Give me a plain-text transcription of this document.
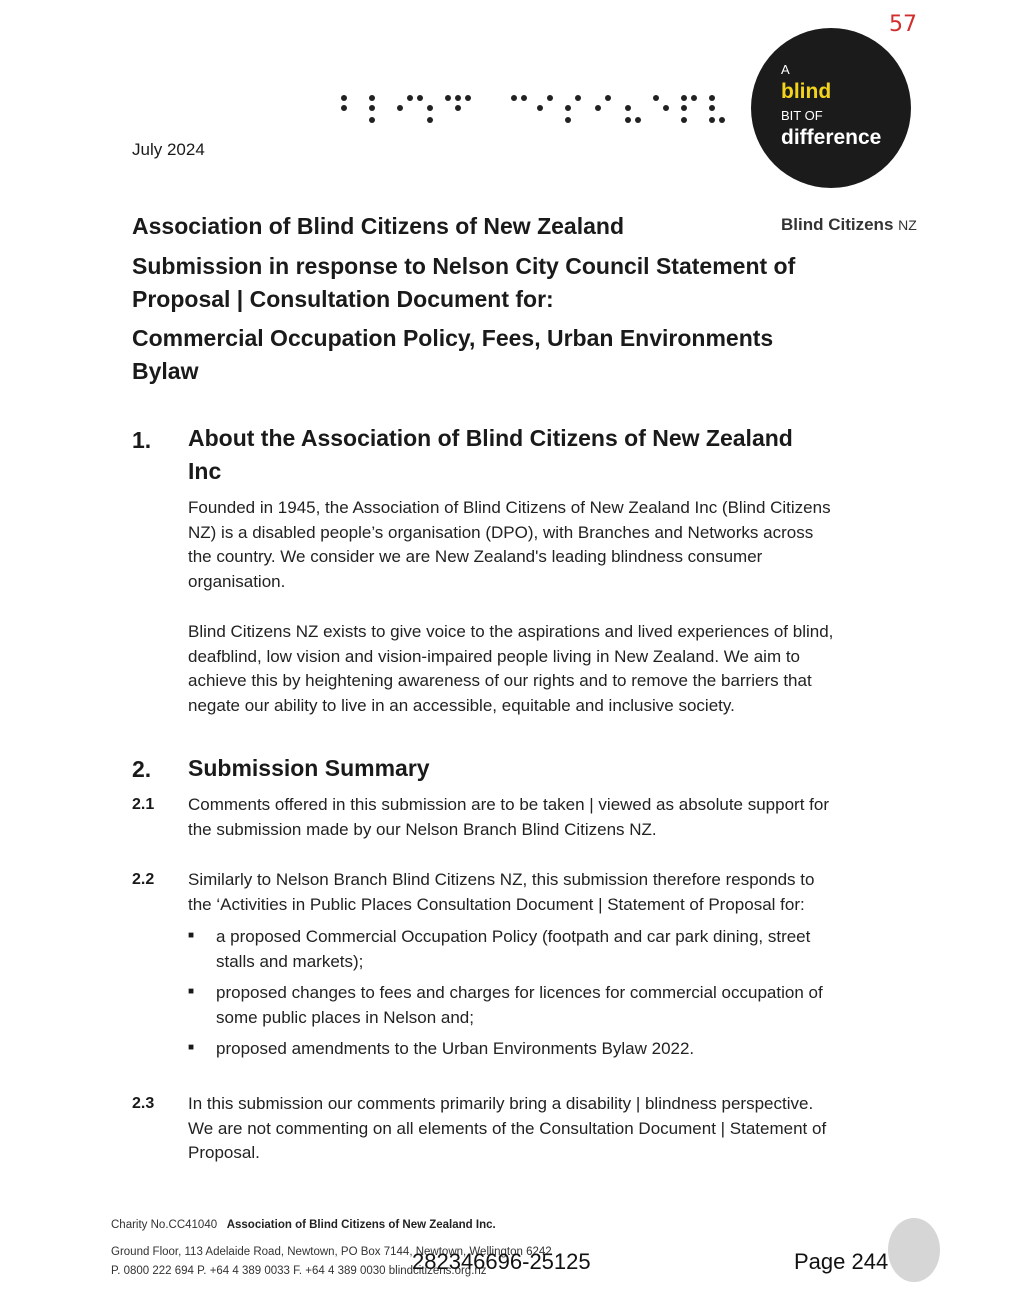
57
July 2024
A
blind
BIT OF
difference
Blind Citizens NZ
Association of Blind Citizens of New Zealand
Submission in response to Nelson City Council Statement of
Proposal | Consultation Document for:
Commercial Occupation Policy, Fees, Urban Environments
Bylaw
1. About the Association of Blind Citizens of New Zealand
Inc
Founded in 1945, the Association of Blind Citizens of New Zealand Inc (Blind Citizens
NZ) is a disabled people’s organisation (DPO), with Branches and Networks across
the country. We consider we are New Zealand's leading blindness consumer
organisation.
Blind Citizens NZ exists to give voice to the aspirations and lived experiences of blind,
deafblind, low vision and vision-impaired people living in New Zealand. We aim to
achieve this by heightening awareness of our rights and to remove the barriers that
negate our ability to live in an accessible, equitable and inclusive society.
2. Submission Summary
2.1 Comments offered in this submission are to be taken | viewed as absolute support for
the submission made by our Nelson Branch Blind Citizens NZ.
2.2 Similarly to Nelson Branch Blind Citizens NZ, this submission therefore responds to
the ‘Activities in Public Places Consultation Document | Statement of Proposal for:
■ a proposed Commercial Occupation Policy (footpath and car park dining, street
stalls and markets);
■ proposed changes to fees and charges for licences for commercial occupation of
some public places in Nelson and;
■ proposed amendments to the Urban Environments Bylaw 2022.
2.3 In this submission our comments primarily bring a disability | blindness perspective.
We are not commenting on all elements of the Consultation Document | Statement of
Proposal.
Charity No.CC41040 Association of Blind Citizens of New Zealand Inc.
Ground Floor, 113 Adelaide Road, Newtown, PO Box 7144, Newtown, Wellington 6242
P. 0800 222 694 P. +64 4 389 0033 F. +64 4 389 0030 blindcitizens.org.nz
282346696-25125	Page 244
